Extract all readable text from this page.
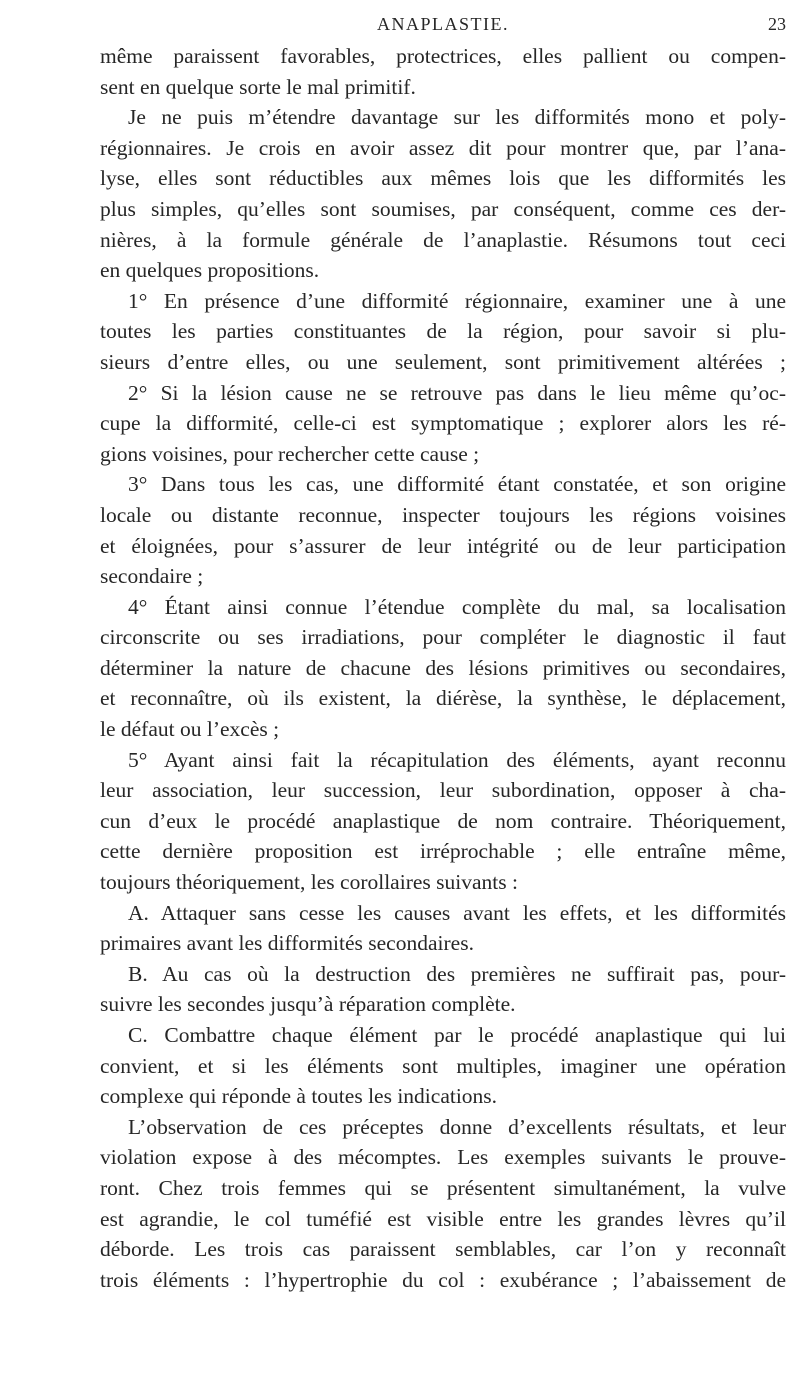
ANAPLASTIE.	23
même paraissent favorables, protectrices, elles pallient ou compen-
sent en quelque sorte le mal primitif.
Je ne puis m’étendre davantage sur les difformités mono et poly-
régionnaires. Je crois en avoir assez dit pour montrer que, par l’ana-
lyse, elles sont réductibles aux mêmes lois que les difformités les
plus simples, qu’elles sont soumises, par conséquent, comme ces der-
nières, à la formule générale de l’anaplastie. Résumons tout ceci
en quelques propositions.
1° En présence d’une difformité régionnaire, examiner une à une
toutes les parties constituantes de la région, pour savoir si plu-
sieurs d’entre elles, ou une seulement, sont primitivement altérées ;
2° Si la lésion cause ne se retrouve pas dans le lieu même qu’oc-
cupe la difformité, celle-ci est symptomatique ; explorer alors les ré-
gions voisines, pour rechercher cette cause ;
3° Dans tous les cas, une difformité étant constatée, et son origine
locale ou distante reconnue, inspecter toujours les régions voisines
et éloignées, pour s’assurer de leur intégrité ou de leur participation
secondaire ;
4° Étant ainsi connue l’étendue complète du mal, sa localisation
circonscrite ou ses irradiations, pour compléter le diagnostic il faut
déterminer la nature de chacune des lésions primitives ou secondaires,
et reconnaître, où ils existent, la diérèse, la synthèse, le déplacement,
le défaut ou l’excès ;
5° Ayant ainsi fait la récapitulation des éléments, ayant reconnu
leur association, leur succession, leur subordination, opposer à cha-
cun d’eux le procédé anaplastique de nom contraire. Théoriquement,
cette dernière proposition est irréprochable ; elle entraîne même,
toujours théoriquement, les corollaires suivants :
A. Attaquer sans cesse les causes avant les effets, et les difformités
primaires avant les difformités secondaires.
B. Au cas où la destruction des premières ne suffirait pas, pour-
suivre les secondes jusqu’à réparation complète.
C. Combattre chaque élément par le procédé anaplastique qui lui
convient, et si les éléments sont multiples, imaginer une opération
complexe qui réponde à toutes les indications.
L’observation de ces préceptes donne d’excellents résultats, et leur
violation expose à des mécomptes. Les exemples suivants le prouve-
ront. Chez trois femmes qui se présentent simultanément, la vulve
est agrandie, le col tuméfié est visible entre les grandes lèvres qu’il
déborde. Les trois cas paraissent semblables, car l’on y reconnaît
trois éléments : l’hypertrophie du col : exubérance ; l’abaissement de
